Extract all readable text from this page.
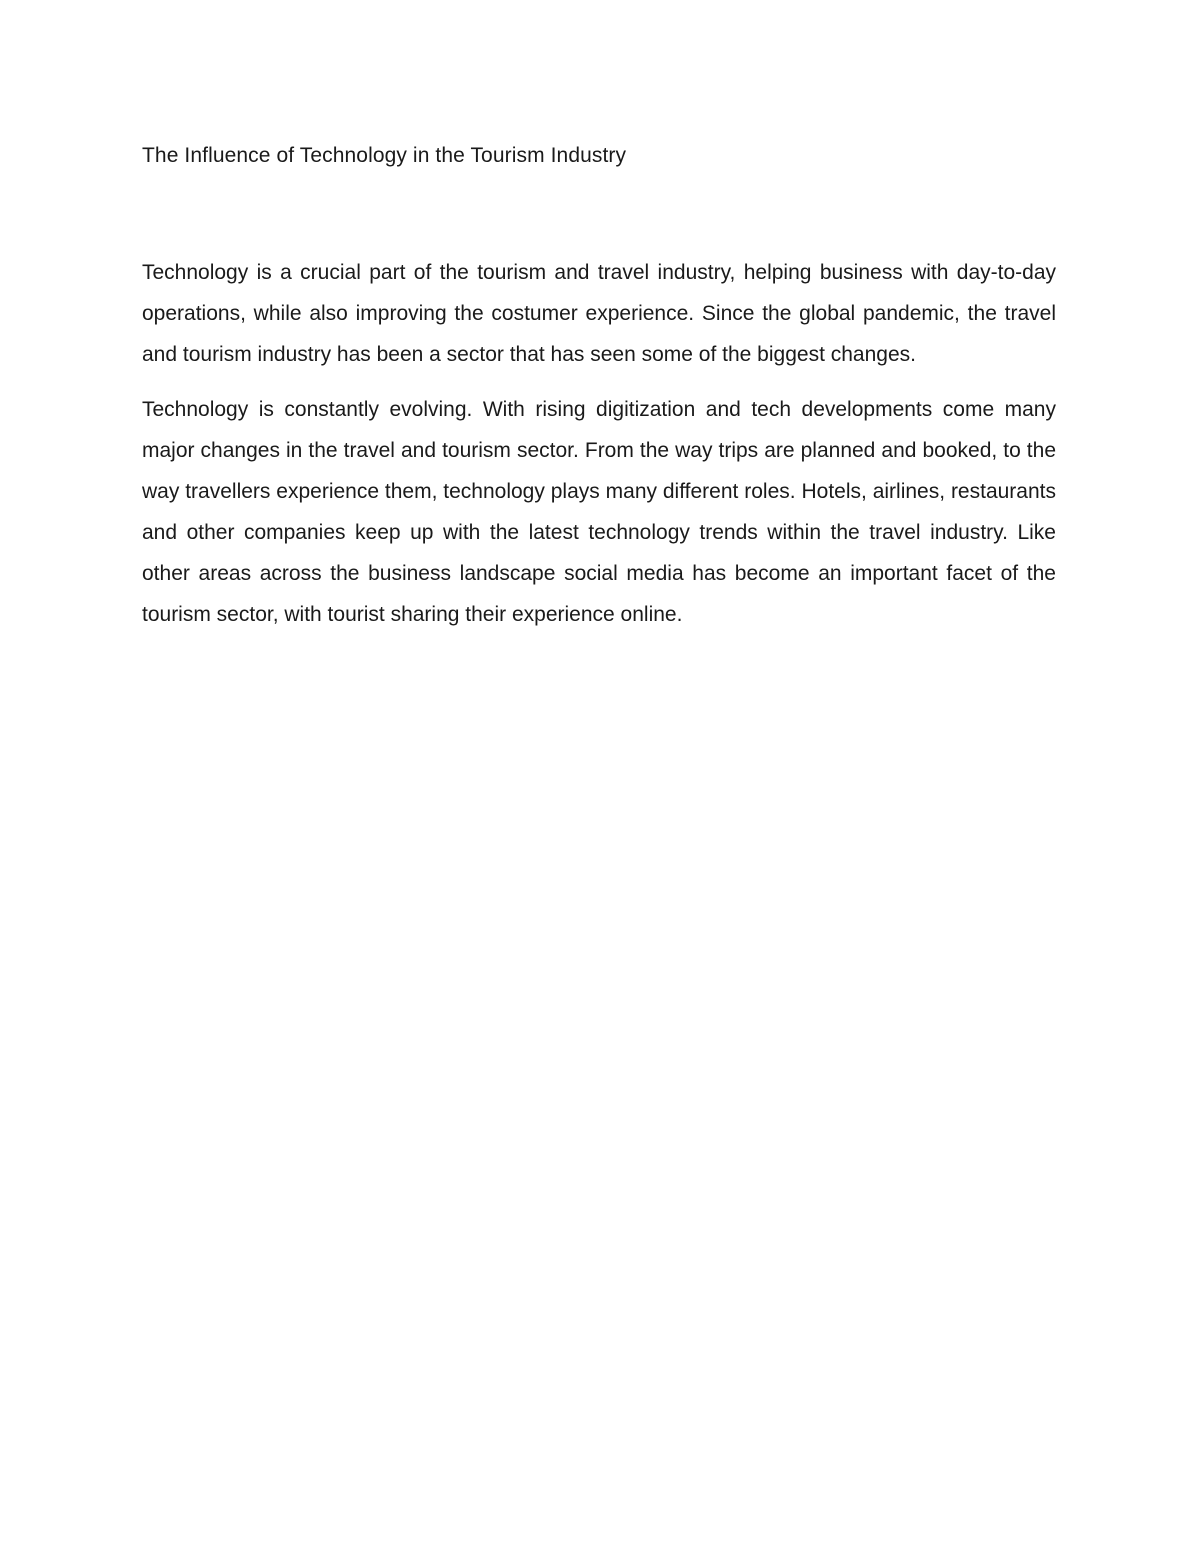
The Influence of Technology in the Tourism Industry

Technology is a crucial part of the tourism and travel industry, helping business with day-to-day operations, while also improving the costumer experience. Since the global pandemic, the travel and tourism industry has been a sector that has seen some of the biggest changes.

Technology is constantly evolving. With rising digitization and tech developments come many major changes in the travel and tourism sector. From the way trips are planned and booked, to the way travellers experience them, technology plays many different roles. Hotels, airlines, restaurants and other companies keep up with the latest technology trends within the travel industry. Like other areas across the business landscape social media has become an important facet of the tourism sector, with tourist sharing their experience online.
